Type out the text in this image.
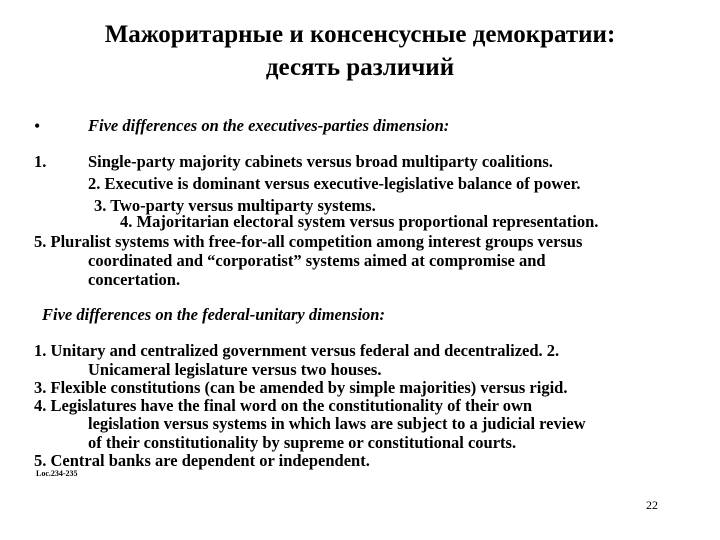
Мажоритарные и консенсусные демократии:
десять различий
•	Five differences on the executives-parties dimension:
1.	Single-party majority cabinets versus broad multiparty coalitions.
2. Executive is dominant versus executive-legislative balance of power.
3. Two-party versus multiparty systems.
4. Majoritarian electoral system versus proportional representation.
5. Pluralist systems with free-for-all competition among interest groups versus
coordinated and “corporatist” systems aimed at compromise and
concertation.
Five differences on the federal-unitary dimension:
1. Unitary and centralized government versus federal and decentralized. 2.
Unicameral legislature versus two houses.
3. Flexible constitutions (can be amended by simple majorities) versus rigid.
4. Legislatures have the final word on the constitutionality of their own
legislation versus systems in which laws are subject to a judicial review
of their constitutionality by supreme or constitutional courts.
5. Central banks are dependent or independent.
Loc.234-235
22
